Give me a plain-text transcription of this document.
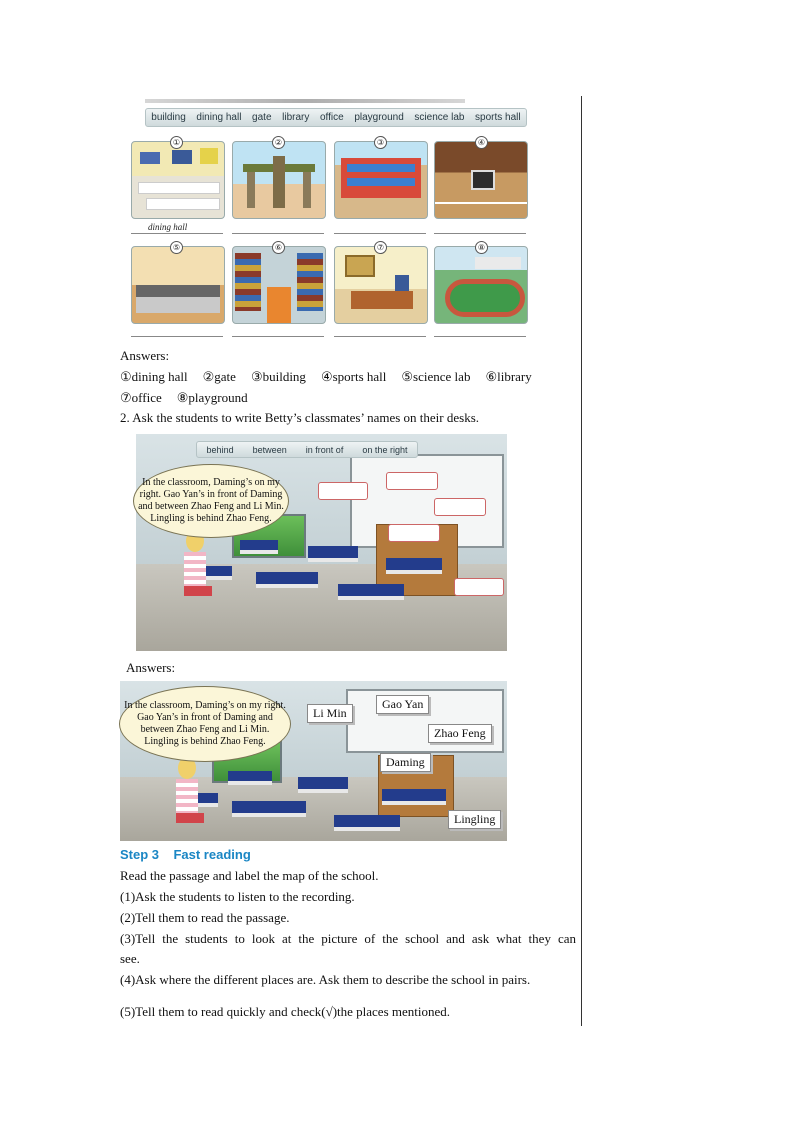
building dining hall gate library office playground science lab sports hall
①	②	③	④
dining hall
⑤	⑥	⑦	⑧
Answers:
①dining hall ②gate ③building ④sports hall ⑤science lab ⑥library
⑦office ⑧playground
2. Ask the students to write Betty’s classmates’ names on their desks.
In the classroom, Daming’s on my right. Gao Yan’s in front of Daming and between Zhao Feng and Li Min. Lingling is behind Zhao Feng.
behind between in front of on the right
Answers:
In the classroom, Daming’s on my right. Gao Yan’s in front of Daming and between Zhao Feng and Li Min. Lingling is behind Zhao Feng.
Li Min
Gao Yan
Zhao Feng
Daming
Lingling
Step 3    Fast reading
Read the passage and label the map of the school.
(1)Ask the students to listen to the recording.
(2)Tell them to read the passage.
(3)Tell the students to look at the picture of the school and ask what they can
see.
(4)Ask where the different places are. Ask them to describe the school in pairs.
(5)Tell them to read quickly and check(√)the places mentioned.
